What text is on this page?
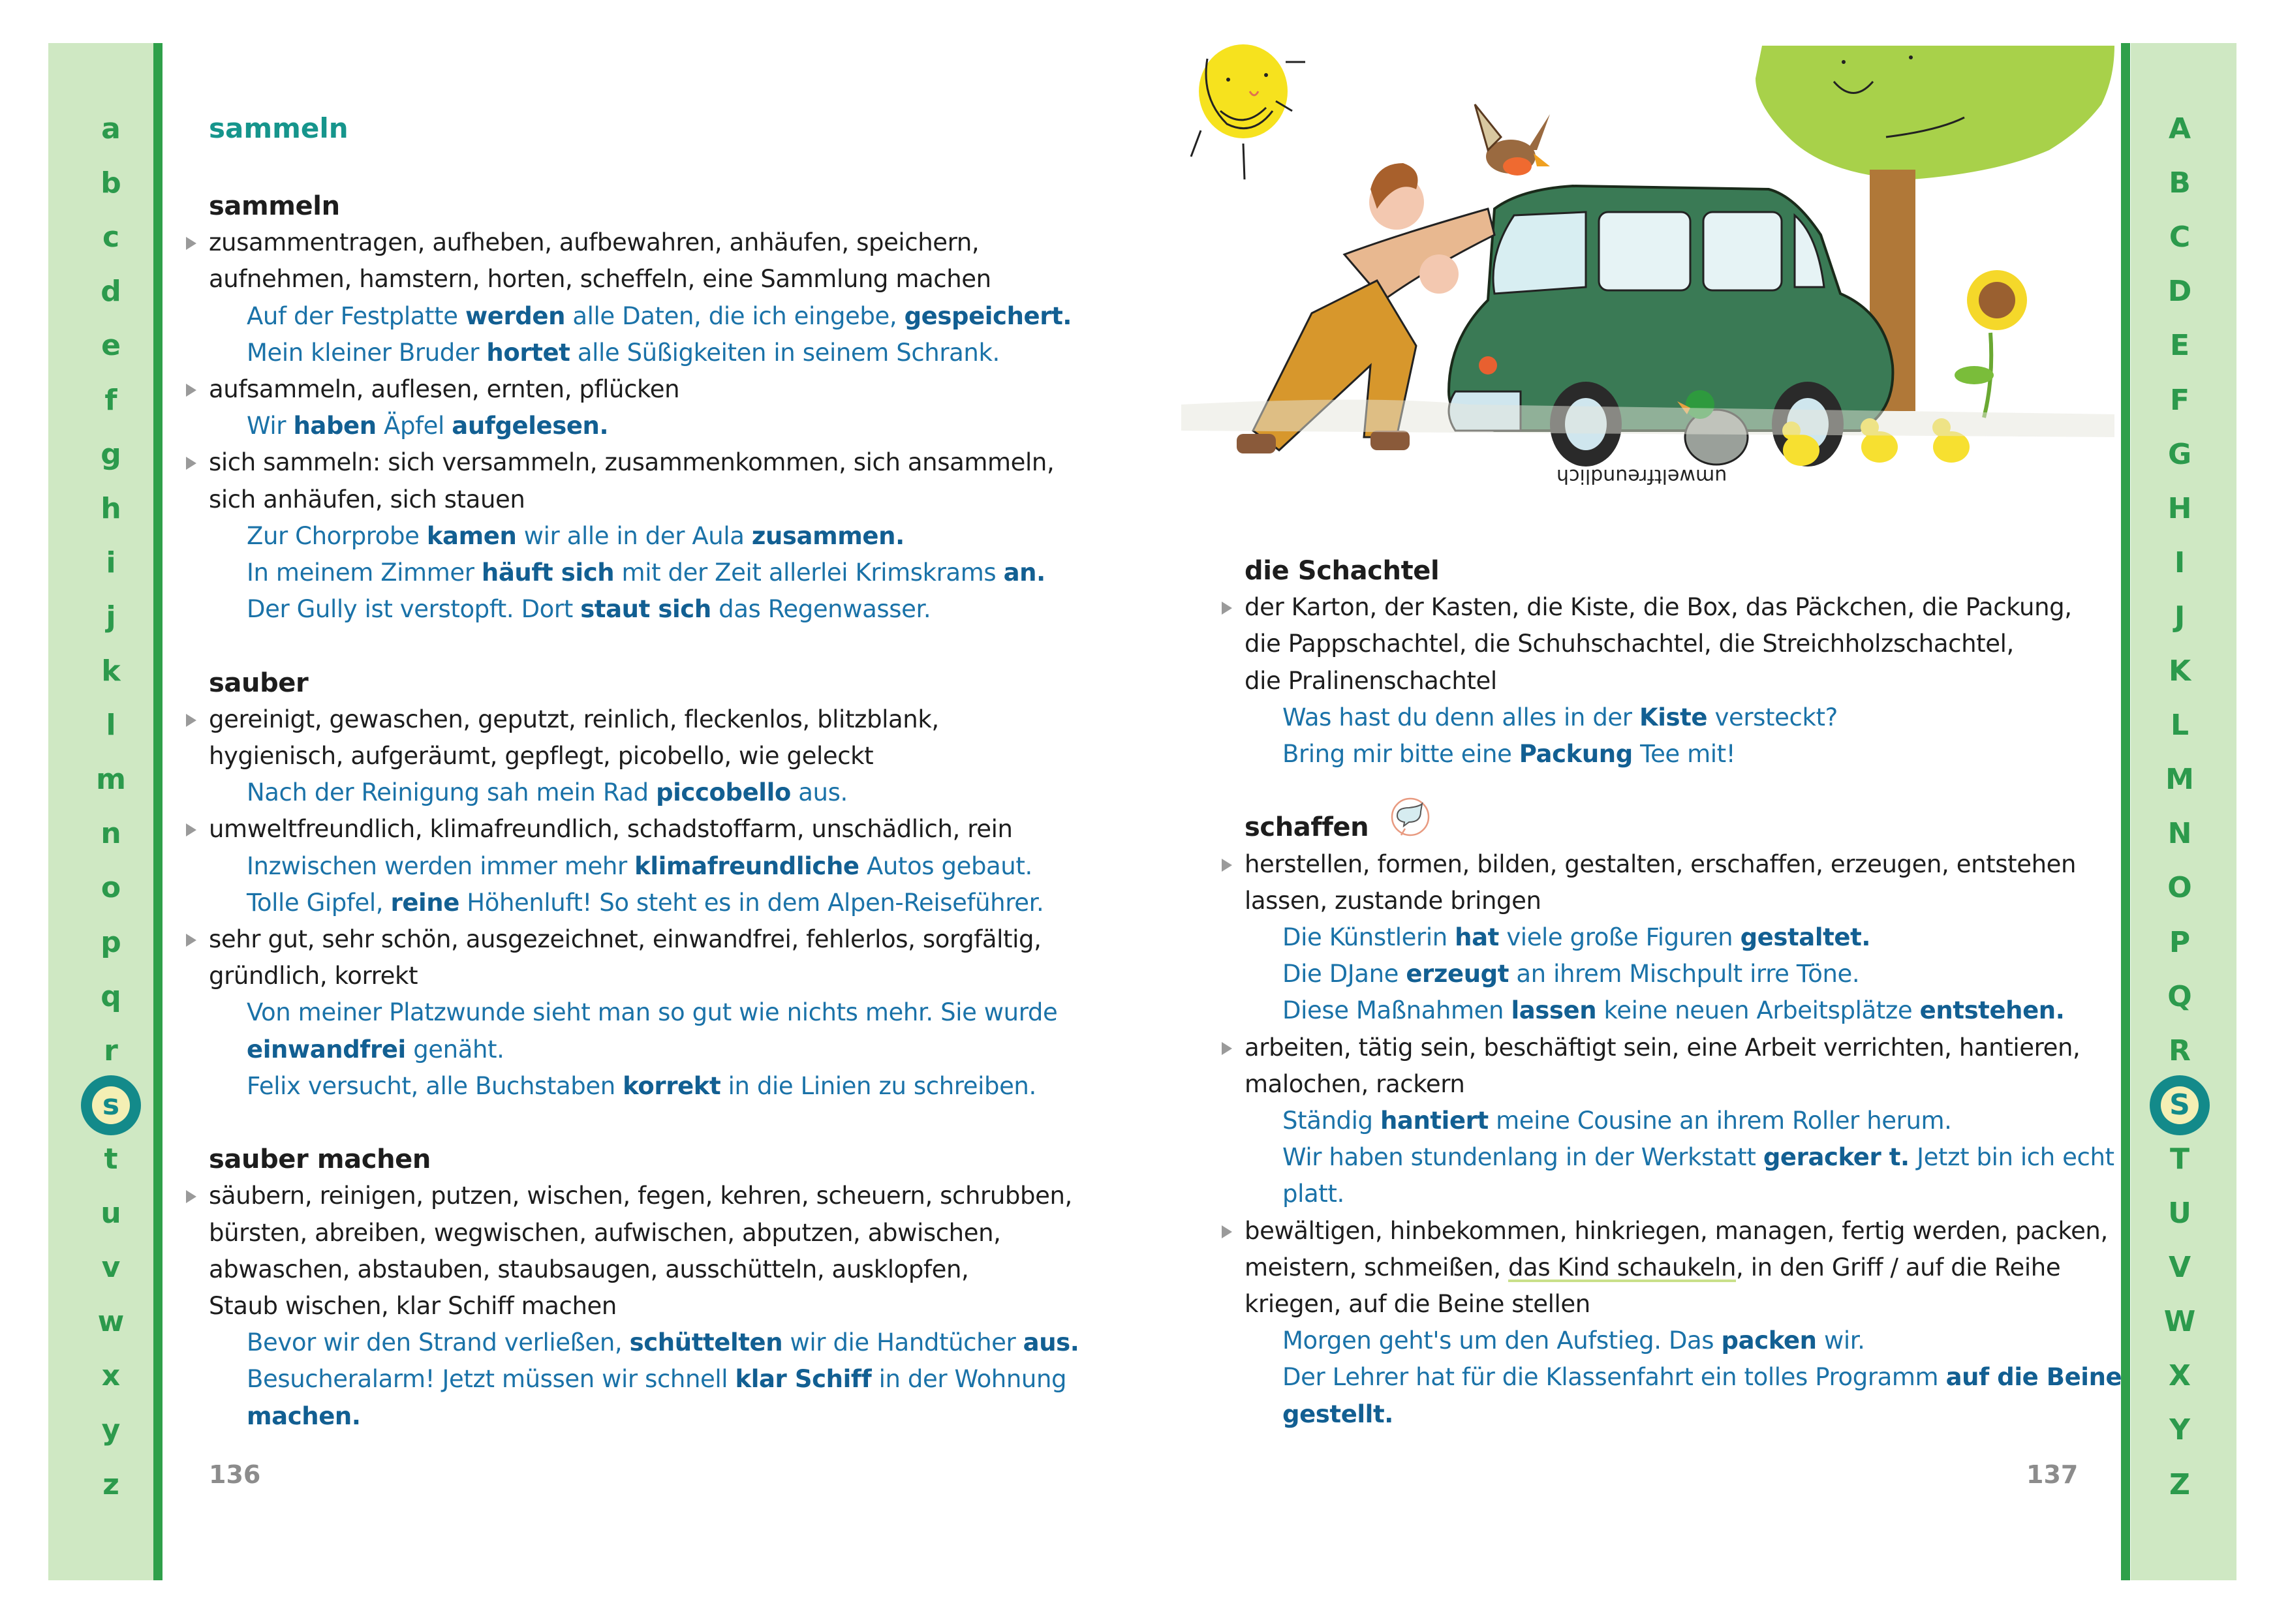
a
b
c
d
e
f
g
h
i
j
k
l
m
n
o
p
q
r
s
t
u
v
w
x
y
z
A
B
C
D
E
F
G
H
I
J
K
L
M
N
O
P
Q
R
S
T
U
V
W
X
Y
Z
sammeln
sammeln
zusammentragen, aufheben, aufbewahren, anhäufen, speichern,
aufnehmen, hamstern, horten, scheffeln, eine Sammlung machen
Auf der Festplatte werden alle Daten, die ich eingebe, gespeichert.
Mein kleiner Bruder hortet alle Süßigkeiten in seinem Schrank.
aufsammeln, auflesen, ernten, pflücken
Wir haben Äpfel aufgelesen.
sich sammeln: sich versammeln, zusammenkommen, sich ansammeln,
sich anhäufen, sich stauen
Zur Chorprobe kamen wir alle in der Aula zusammen.
In meinem Zimmer häuft sich mit der Zeit allerlei Krimskrams an.
Der Gully ist verstopft. Dort staut sich das Regenwasser.
sauber
gereinigt, gewaschen, geputzt, reinlich, fleckenlos, blitzblank,
hygienisch, aufgeräumt, gepflegt, picobello, wie geleckt
Nach der Reinigung sah mein Rad piccobello aus.
umweltfreundlich, klimafreundlich, schadstoffarm, unschädlich, rein
Inzwischen werden immer mehr klimafreundliche Autos gebaut.
Tolle Gipfel, reine Höhenluft! So steht es in dem Alpen-Reiseführer.
sehr gut, sehr schön, ausgezeichnet, einwandfrei, fehlerlos, sorgfältig,
gründlich, korrekt
Von meiner Platzwunde sieht man so gut wie nichts mehr. Sie wurde
einwandfrei genäht.
Felix versucht, alle Buchstaben korrekt in die Linien zu schreiben.
sauber machen
säubern, reinigen, putzen, wischen, fegen, kehren, scheuern, schrubben,
bürsten, abreiben, wegwischen, aufwischen, abputzen, abwischen,
abwaschen, abstauben, staubsaugen, ausschütteln, ausklopfen,
Staub wischen, klar Schiff machen
Bevor wir den Strand verließen, schüttelten wir die Handtücher aus.
Besucheralarm! Jetzt müssen wir schnell klar Schiff in der Wohnung
machen.
die Schachtel
der Karton, der Kasten, die Kiste, die Box, das Päckchen, die Packung,
die Pappschachtel, die Schuhschachtel, die Streichholzschachtel,
die Pralinenschachtel
Was hast du denn alles in der Kiste versteckt?
Bring mir bitte eine Packung Tee mit!
schaffen
herstellen, formen, bilden, gestalten, erschaffen, erzeugen, entstehen
lassen, zustande bringen
Die Künstlerin hat viele große Figuren gestaltet.
Die DJane erzeugt an ihrem Mischpult irre Töne.
Diese Maßnahmen lassen keine neuen Arbeitsplätze entstehen.
arbeiten, tätig sein, beschäftigt sein, eine Arbeit verrichten, hantieren,
malochen, rackern
Ständig hantiert meine Cousine an ihrem Roller herum.
Wir haben stundenlang in der Werkstatt geracker t. Jetzt bin ich echt
platt.
bewältigen, hinbekommen, hinkriegen, managen, fertig werden, packen,
meistern, schmeißen, das Kind schaukeln, in den Griff / auf die Reihe
kriegen, auf die Beine stellen
Morgen geht's um den Aufstieg. Das packen wir.
Der Lehrer hat für die Klassenfahrt ein tolles Programm auf die Beine
gestellt.
umweltfreundlich
136	137
